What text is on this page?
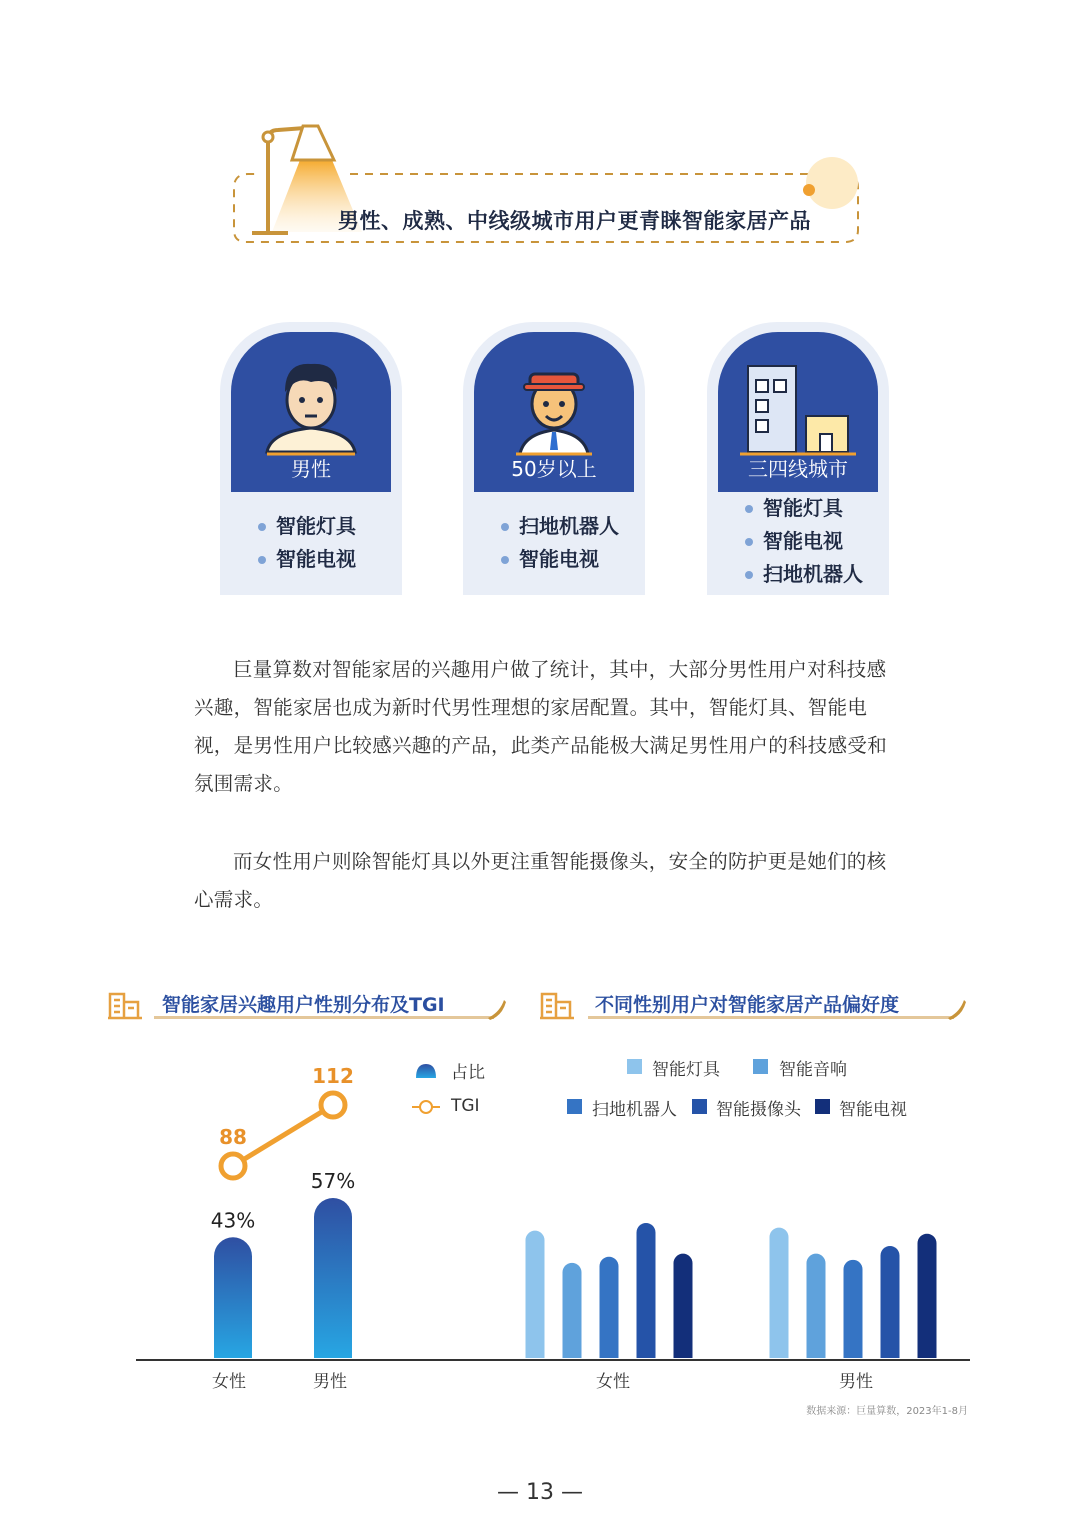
男性、成熟、中线级城市用户更青睐智能家居产品
男性
智能灯具
智能电视
50岁以上
扫地机器人
智能电视
三四线城市
智能灯具
智能电视
扫地机器人

巨量算数对智能家居的兴趣用户做了统计，其中，大部分男性用户对科技感兴趣，智能家居也成为新时代男性理想的家居配置。其中，智能灯具、智能电视，是男性用户比较感兴趣的产品，此类产品能极大满足男性用户的科技感受和氛围需求。

而女性用户则除智能灯具以外更注重智能摄像头，安全的防护更是她们的核心需求。

智能家居兴趣用户性别分布及TGI	不同性别用户对智能家居产品偏好度
43%
57%
88
112	占比
TGI
智能灯具	智能音响
扫地机器人 智能摄像头 智能电视
女性	男性	女性	男性
数据来源：巨量算数，2023年1-8月
— 13 —
